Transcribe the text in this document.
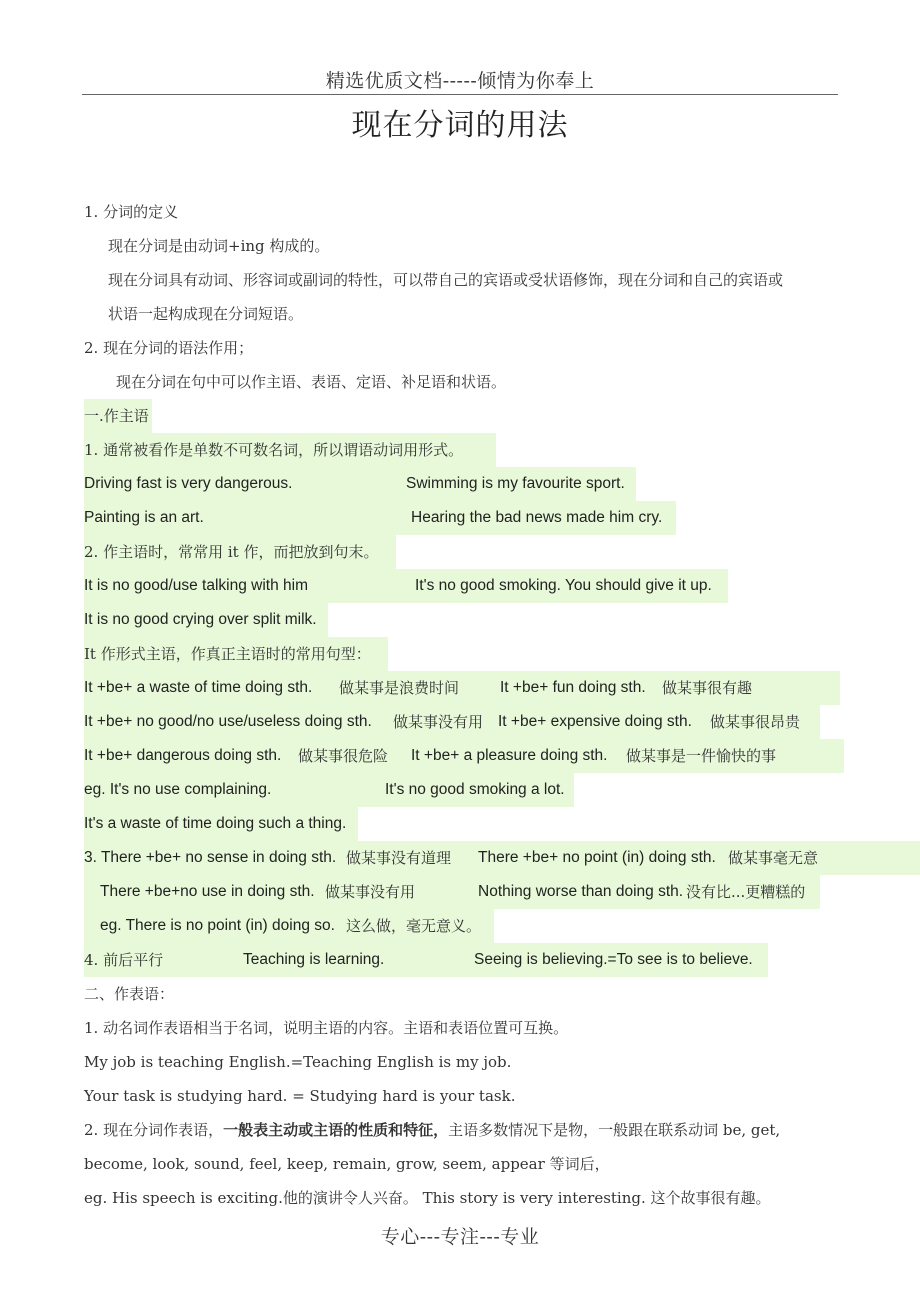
精选优质文档-----倾情为你奉上
现在分词的用法
1. 分词的定义
现在分词是由动词+ing 构成的。
现在分词具有动词、形容词或副词的特性，可以带自己的宾语或受状语修饰，现在分词和自己的宾语或
状语一起构成现在分词短语。
2. 现在分词的语法作用；
现在分词在句中可以作主语、表语、定语、补足语和状语。
一.作主语
1. 通常被看作是单数不可数名词，所以谓语动词用形式。
Driving fast is very dangerous.	Swimming is my favourite sport.
Painting is an art.	Hearing the bad news made him cry.
2. 作主语时，常常用 it 作，而把放到句末。
It is no good/use talking with him	It's no good smoking. You should give it up.
It is no good crying over split milk.
It 作形式主语，作真正主语时的常用句型：
It +be+ a waste of time doing sth. 做某事是浪费时间	It +be+ fun doing sth. 做某事很有趣
It +be+ no good/no use/useless doing sth. 做某事没有用 It +be+ expensive doing sth. 做某事很昂贵
It +be+ dangerous doing sth. 做某事很危险 It +be+ a pleasure doing sth. 做某事是一件愉快的事
eg. It's no use complaining.	It's no good smoking a lot.
It's a waste of time doing such a thing.
3. There +be+ no sense in doing sth. 做某事没有道理 There +be+ no point (in) doing sth. 做某事毫无意
There +be+no use in doing sth. 做某事没有用	Nothing worse than doing sth. 没有比...更糟糕的
eg. There is no point (in) doing so. 这么做，毫无意义。
4. 前后平行	Teaching is learning.	Seeing is believing.=To see is to believe.
二、作表语：
1. 动名词作表语相当于名词，说明主语的内容。主语和表语位置可互换。
My job is teaching English.=Teaching English is my job.
Your task is studying hard. = Studying hard is your task.
2. 现在分词作表语，一般表主动或主语的性质和特征，主语多数情况下是物，一般跟在联系动词 be, get,
become, look, sound, feel, keep, remain, grow, seem, appear 等词后，
eg. His speech is exciting.他的演讲令人兴奋。 This story is very interesting. 这个故事很有趣。
专心---专注---专业
